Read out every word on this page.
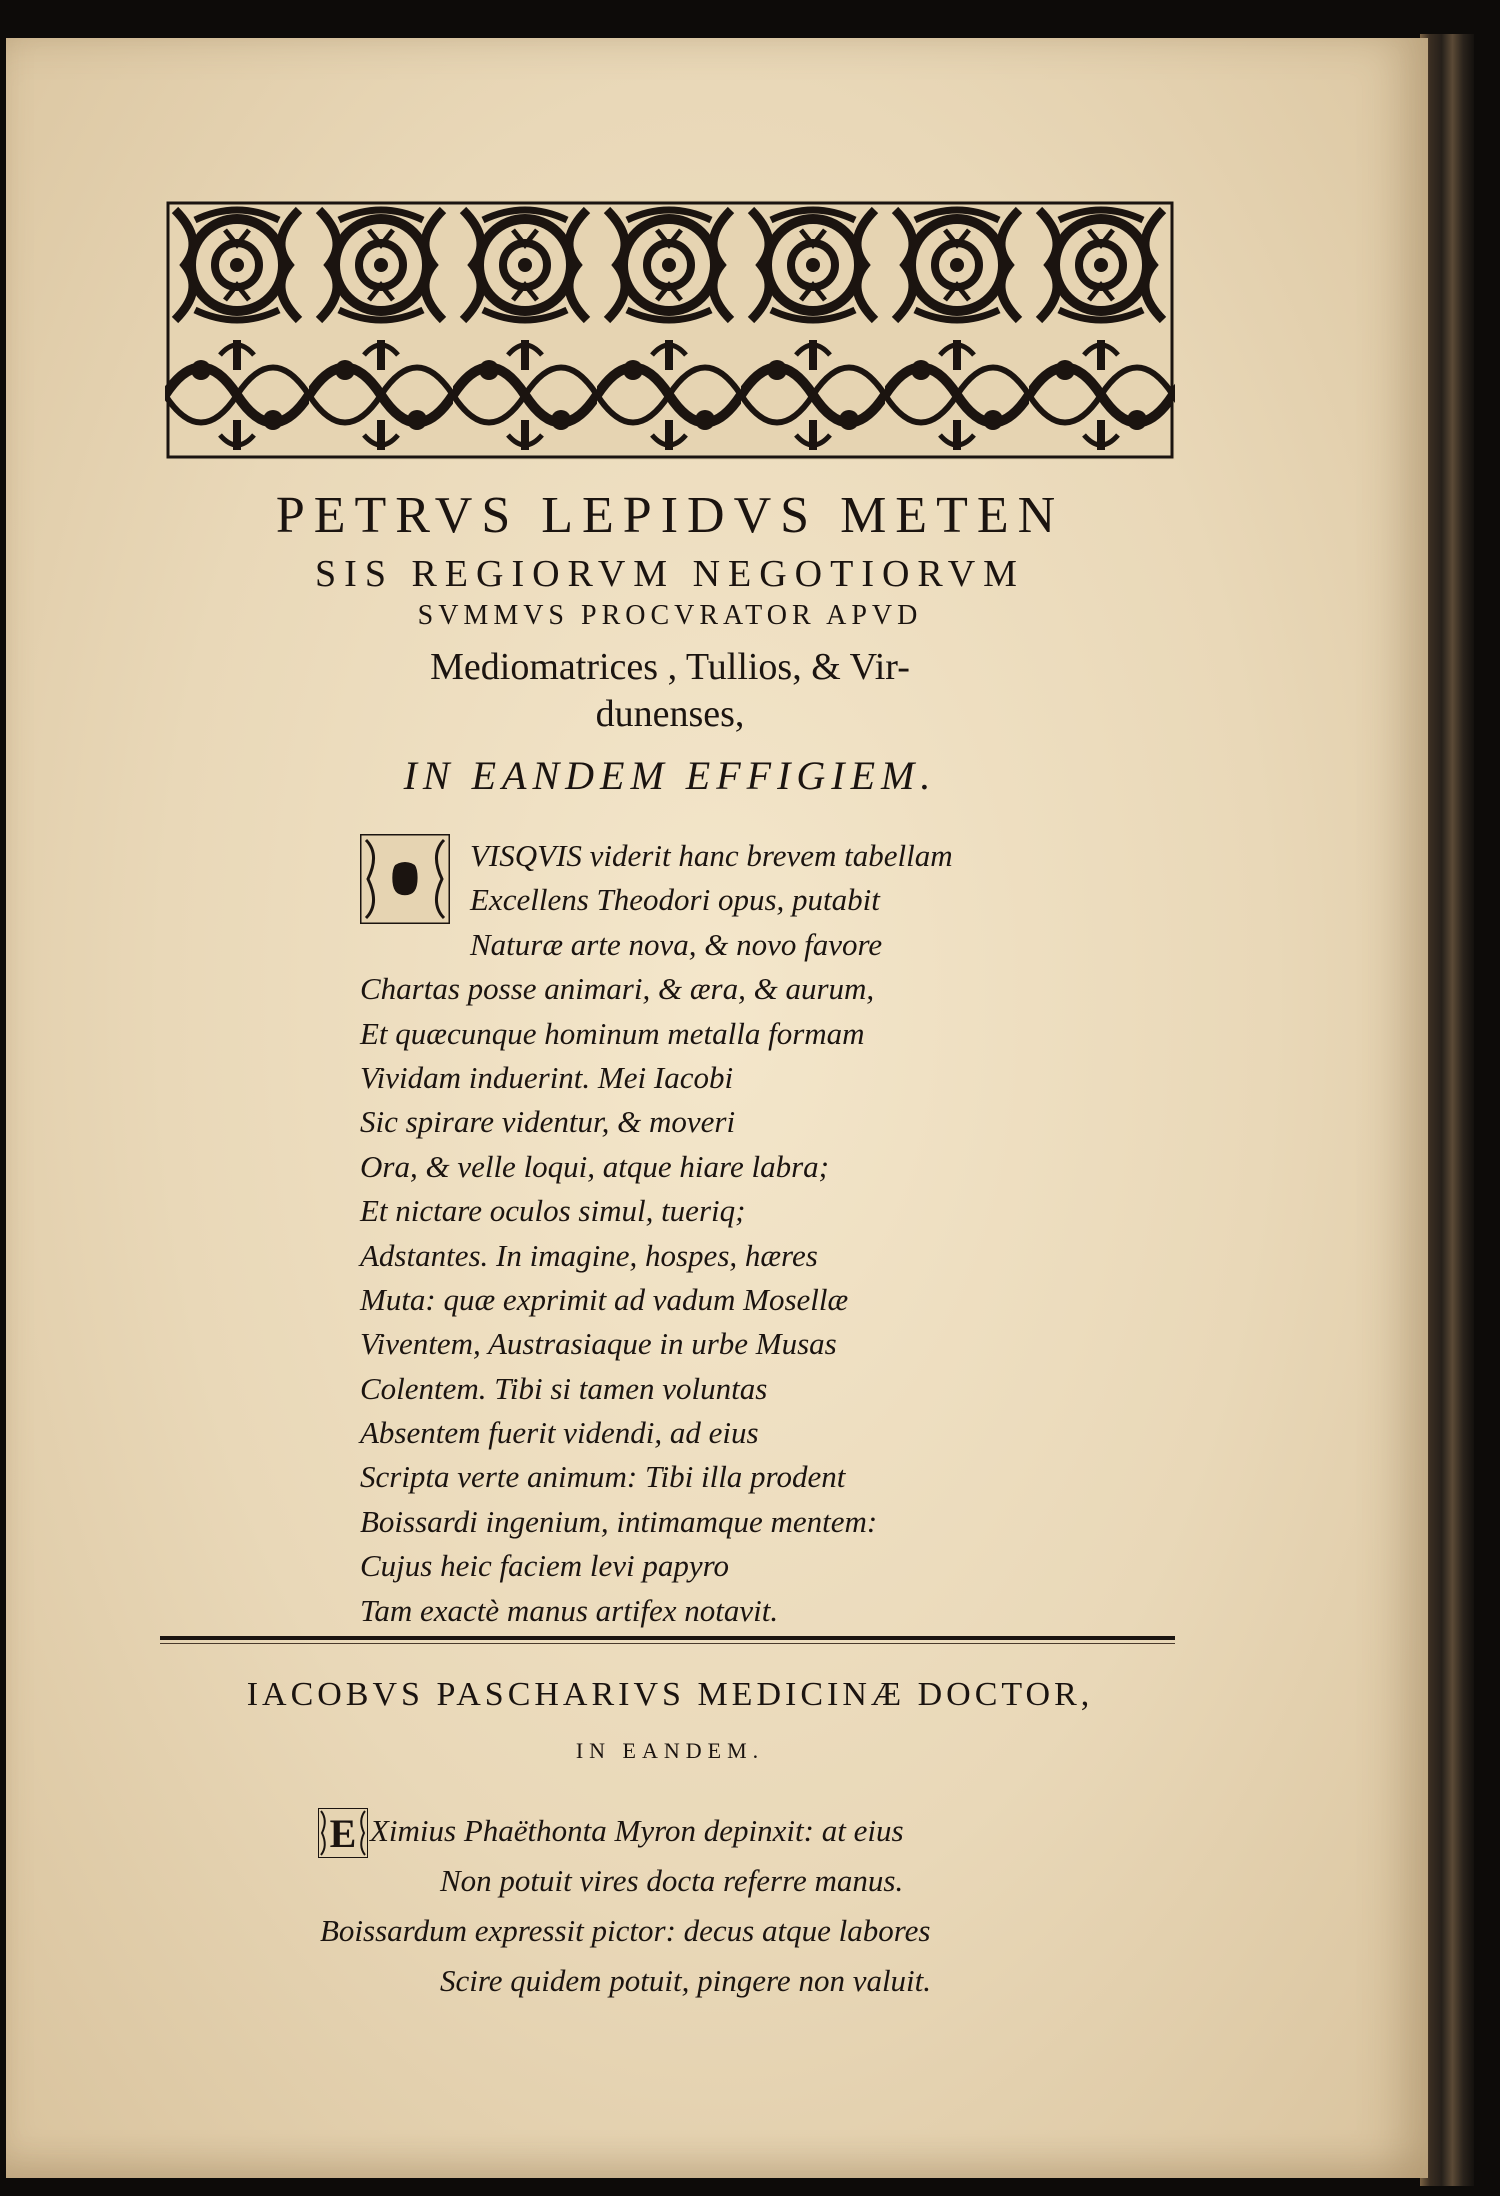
PETRVS LEPIDVS METEN
SIS REGIORVM NEGOTIORVM
SVMMVS PROCVRATOR APVD
Mediomatrices , Tullios, & Vir-
dunenses,
IN EANDEM EFFIGIEM.
Q	VISQVIS viderit hanc brevem tabellam
Excellens Theodori opus, putabit
Naturæ arte nova, & novo favore
Chartas posse animari, & æra, & aurum,
Et quæcunque hominum metalla formam
Vividam induerint. Mei Iacobi
Sic spirare videntur, & moveri
Ora, & velle loqui, atque hiare labra;
Et nictare oculos simul, tueriq;
Adstantes. In imagine, hospes, hæres
Muta: quæ exprimit ad vadum Mosellæ
Viventem, Austrasiaque in urbe Musas
Colentem. Tibi si tamen voluntas
Absentem fuerit videndi, ad eius
Scripta verte animum: Tibi illa prodent
Boissardi ingenium, intimamque mentem:
Cujus heic faciem levi papyro
Tam exactè manus artifex notavit.
IACOBVS PASCHARIVS MEDICINÆ DOCTOR,
IN EANDEM.
E Ximius Phaëthonta Myron depinxit: at eius
Non potuit vires docta referre manus.
Boissardum expressit pictor: decus atque labores
Scire quidem potuit, pingere non valuit.
